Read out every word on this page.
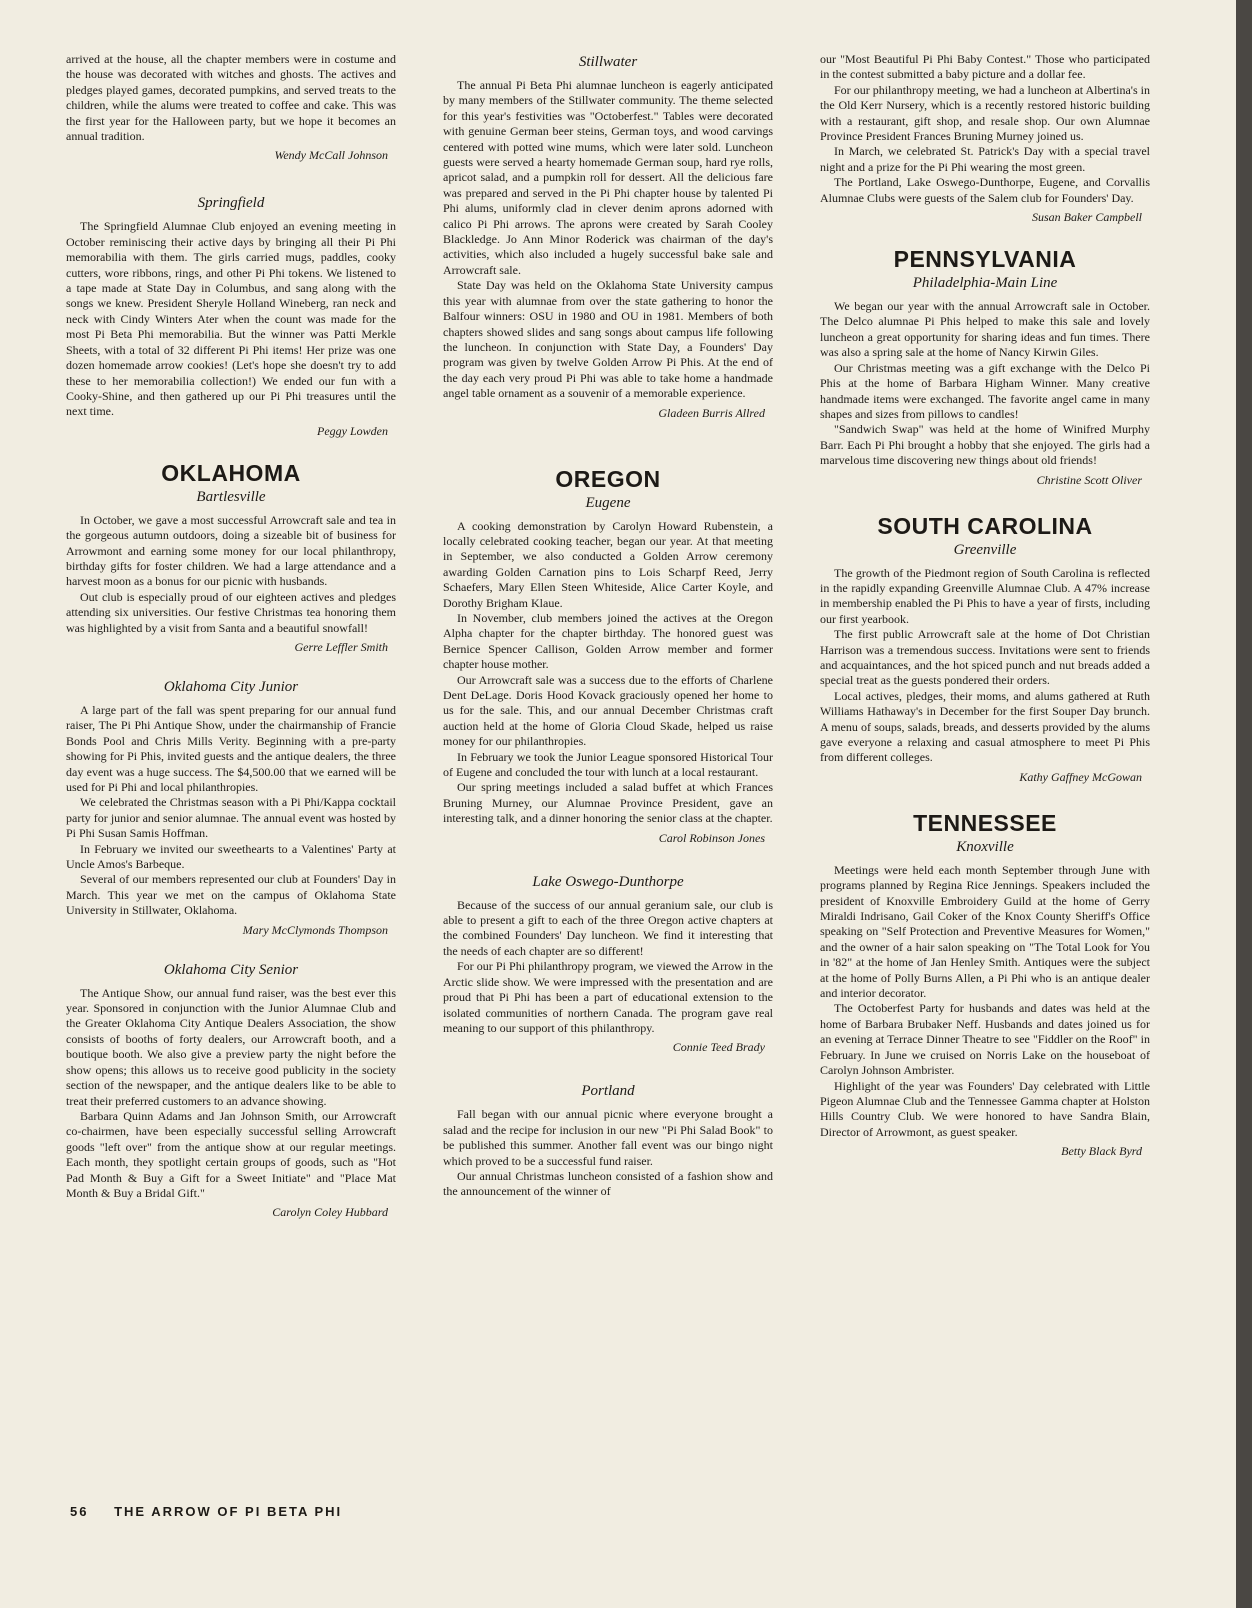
arrived at the house, all the chapter members were in costume and the house was decorated with witches and ghosts. The actives and pledges played games, decorated pumpkins, and served treats to the children, while the alums were treated to coffee and cake. This was the first year for the Halloween party, but we hope it becomes an annual tradition.

Wendy McCall Johnson
Springfield

The Springfield Alumnae Club enjoyed an evening meeting in October reminiscing their active days by bringing all their Pi Phi memorabilia with them. The girls carried mugs, paddles, cooky cutters, wore ribbons, rings, and other Pi Phi tokens. We listened to a tape made at State Day in Columbus, and sang along with the songs we knew. President Sheryle Holland Wineberg, ran neck and neck with Cindy Winters Ater when the count was made for the most Pi Beta Phi memorabilia. But the winner was Patti Merkle Sheets, with a total of 32 different Pi Phi items! Her prize was one dozen homemade arrow cookies! (Let's hope she doesn't try to add these to her memorabilia collection!) We ended our fun with a Cooky-Shine, and then gathered up our Pi Phi treasures until the next time.

Peggy Lowden
OKLAHOMA
Bartlesville

In October, we gave a most successful Arrowcraft sale and tea in the gorgeous autumn outdoors, doing a sizeable bit of business for Arrowmont and earning some money for our local philanthropy, birthday gifts for foster children. We had a large attendance and a harvest moon as a bonus for our picnic with husbands.

Out club is especially proud of our eighteen actives and pledges attending six universities. Our festive Christmas tea honoring them was highlighted by a visit from Santa and a beautiful snowfall!

Gerre Leffler Smith
Oklahoma City Junior

A large part of the fall was spent preparing for our annual fund raiser, The Pi Phi Antique Show, under the chairmanship of Francie Bonds Pool and Chris Mills Verity. Beginning with a pre-party showing for Pi Phis, invited guests and the antique dealers, the three day event was a huge success. The $4,500.00 that we earned will be used for Pi Phi and local philanthropies.

We celebrated the Christmas season with a Pi Phi/Kappa cocktail party for junior and senior alumnae. The annual event was hosted by Pi Phi Susan Samis Hoffman.

In February we invited our sweethearts to a Valentines' Party at Uncle Amos's Barbeque.

Several of our members represented our club at Founders' Day in March. This year we met on the campus of Oklahoma State University in Stillwater, Oklahoma.

Mary McClymonds Thompson
Oklahoma City Senior

The Antique Show, our annual fund raiser, was the best ever this year. Sponsored in conjunction with the Junior Alumnae Club and the Greater Oklahoma City Antique Dealers Association, the show consists of booths of forty dealers, our Arrowcraft booth, and a boutique booth. We also give a preview party the night before the show opens; this allows us to receive good publicity in the society section of the newspaper, and the antique dealers like to be able to treat their preferred customers to an advance showing.

Barbara Quinn Adams and Jan Johnson Smith, our Arrowcraft co-chairmen, have been especially successful selling Arrowcraft goods "left over" from the antique show at our regular meetings. Each month, they spotlight certain groups of goods, such as "Hot Pad Month & Buy a Gift for a Sweet Initiate" and "Place Mat Month & Buy a Bridal Gift."

Carolyn Coley Hubbard
Stillwater

The annual Pi Beta Phi alumnae luncheon is eagerly anticipated by many members of the Stillwater community. The theme selected for this year's festivities was "Octoberfest." Tables were decorated with genuine German beer steins, German toys, and wood carvings centered with potted wine mums, which were later sold. Luncheon guests were served a hearty homemade German soup, hard rye rolls, apricot salad, and a pumpkin roll for dessert. All the delicious fare was prepared and served in the Pi Phi chapter house by talented Pi Phi alums, uniformly clad in clever denim aprons adorned with calico Pi Phi arrows. The aprons were created by Sarah Cooley Blackledge. Jo Ann Minor Roderick was chairman of the day's activities, which also included a hugely successful bake sale and Arrowcraft sale.

State Day was held on the Oklahoma State University campus this year with alumnae from over the state gathering to honor the Balfour winners: OSU in 1980 and OU in 1981. Members of both chapters showed slides and sang songs about campus life following the luncheon. In conjunction with State Day, a Founders' Day program was given by twelve Golden Arrow Pi Phis. At the end of the day each very proud Pi Phi was able to take home a handmade angel table ornament as a souvenir of a memorable experience.

Gladeen Burris Allred
OREGON
Eugene

A cooking demonstration by Carolyn Howard Rubenstein, a locally celebrated cooking teacher, began our year. At that meeting in September, we also conducted a Golden Arrow ceremony awarding Golden Carnation pins to Lois Scharpf Reed, Jerry Schaefers, Mary Ellen Steen Whiteside, Alice Carter Koyle, and Dorothy Brigham Klaue.

In November, club members joined the actives at the Oregon Alpha chapter for the chapter birthday. The honored guest was Bernice Spencer Callison, Golden Arrow member and former chapter house mother.

Our Arrowcraft sale was a success due to the efforts of Charlene Dent DeLage. Doris Hood Kovack graciously opened her home to us for the sale. This, and our annual December Christmas craft auction held at the home of Gloria Cloud Skade, helped us raise money for our philanthropies.

In February we took the Junior League sponsored Historical Tour of Eugene and concluded the tour with lunch at a local restaurant.

Our spring meetings included a salad buffet at which Frances Bruning Murney, our Alumnae Province President, gave an interesting talk, and a dinner honoring the senior class at the chapter.

Carol Robinson Jones
Lake Oswego-Dunthorpe

Because of the success of our annual geranium sale, our club is able to present a gift to each of the three Oregon active chapters at the combined Founders' Day luncheon. We find it interesting that the needs of each chapter are so different!

For our Pi Phi philanthropy program, we viewed the Arrow in the Arctic slide show. We were impressed with the presentation and are proud that Pi Phi has been a part of educational extension to the isolated communities of northern Canada. The program gave real meaning to our support of this philanthropy.

Connie Teed Brady
Portland

Fall began with our annual picnic where everyone brought a salad and the recipe for inclusion in our new "Pi Phi Salad Book" to be published this summer. Another fall event was our bingo night which proved to be a successful fund raiser.

Our annual Christmas luncheon consisted of a fashion show and the announcement of the winner of

our "Most Beautiful Pi Phi Baby Contest." Those who participated in the contest submitted a baby picture and a dollar fee.

For our philanthropy meeting, we had a luncheon at Albertina's in the Old Kerr Nursery, which is a recently restored historic building with a restaurant, gift shop, and resale shop. Our own Alumnae Province President Frances Bruning Murney joined us.

In March, we celebrated St. Patrick's Day with a special travel night and a prize for the Pi Phi wearing the most green.

The Portland, Lake Oswego-Dunthorpe, Eugene, and Corvallis Alumnae Clubs were guests of the Salem club for Founders' Day.

Susan Baker Campbell
PENNSYLVANIA
Philadelphia-Main Line

We began our year with the annual Arrowcraft sale in October. The Delco alumnae Pi Phis helped to make this sale and lovely luncheon a great opportunity for sharing ideas and fun times. There was also a spring sale at the home of Nancy Kirwin Giles.

Our Christmas meeting was a gift exchange with the Delco Pi Phis at the home of Barbara Higham Winner. Many creative handmade items were exchanged. The favorite angel came in many shapes and sizes from pillows to candles!

"Sandwich Swap" was held at the home of Winifred Murphy Barr. Each Pi Phi brought a hobby that she enjoyed. The girls had a marvelous time discovering new things about old friends!

Christine Scott Oliver
SOUTH CAROLINA
Greenville

The growth of the Piedmont region of South Carolina is reflected in the rapidly expanding Greenville Alumnae Club. A 47% increase in membership enabled the Pi Phis to have a year of firsts, including our first yearbook.

The first public Arrowcraft sale at the home of Dot Christian Harrison was a tremendous success. Invitations were sent to friends and acquaintances, and the hot spiced punch and nut breads added a special treat as the guests pondered their orders.

Local actives, pledges, their moms, and alums gathered at Ruth Williams Hathaway's in December for the first Souper Day brunch. A menu of soups, salads, breads, and desserts provided by the alums gave everyone a relaxing and casual atmosphere to meet Pi Phis from different colleges.

Kathy Gaffney McGowan
TENNESSEE
Knoxville

Meetings were held each month September through June with programs planned by Regina Rice Jennings. Speakers included the president of Knoxville Embroidery Guild at the home of Gerry Miraldi Indrisano, Gail Coker of the Knox County Sheriff's Office speaking on "Self Protection and Preventive Measures for Women," and the owner of a hair salon speaking on "The Total Look for You in '82" at the home of Jan Henley Smith. Antiques were the subject at the home of Polly Burns Allen, a Pi Phi who is an antique dealer and interior decorator.

The Octoberfest Party for husbands and dates was held at the home of Barbara Brubaker Neff. Husbands and dates joined us for an evening at Terrace Dinner Theatre to see "Fiddler on the Roof" in February. In June we cruised on Norris Lake on the houseboat of Carolyn Johnson Ambrister.

Highlight of the year was Founders' Day celebrated with Little Pigeon Alumnae Club and the Tennessee Gamma chapter at Holston Hills Country Club. We were honored to have Sandra Blain, Director of Arrowmont, as guest speaker.

Betty Black Byrd
56 THE ARROW OF PI BETA PHI
